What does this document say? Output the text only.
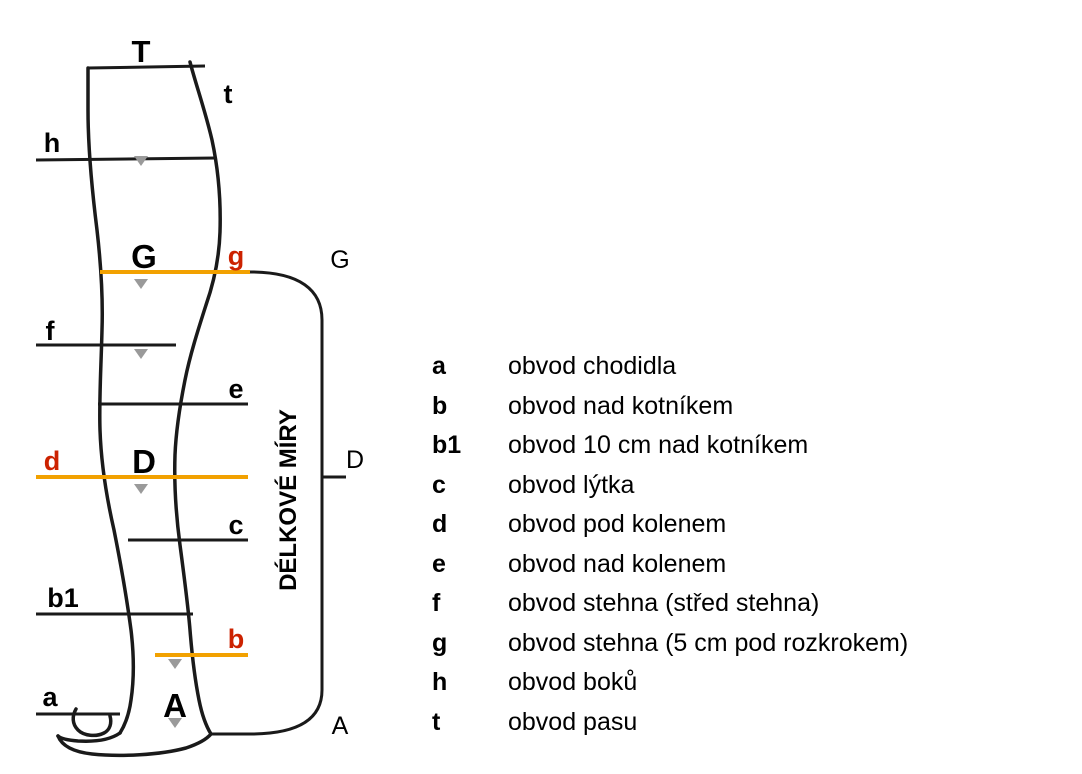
T
G
D
A
h
f
d
b1
a
t
g
e
c
b
G
D
A
DÉLKOVÉ MÍRY
a	obvod chodidla
b	obvod nad kotníkem
b1	obvod 10 cm nad kotníkem
c	obvod lýtka
d	obvod pod kolenem
e	obvod nad kolenem
f	obvod stehna (střed stehna)
g	obvod stehna (5 cm pod rozkrokem)
h	obvod boků
t	obvod pasu
